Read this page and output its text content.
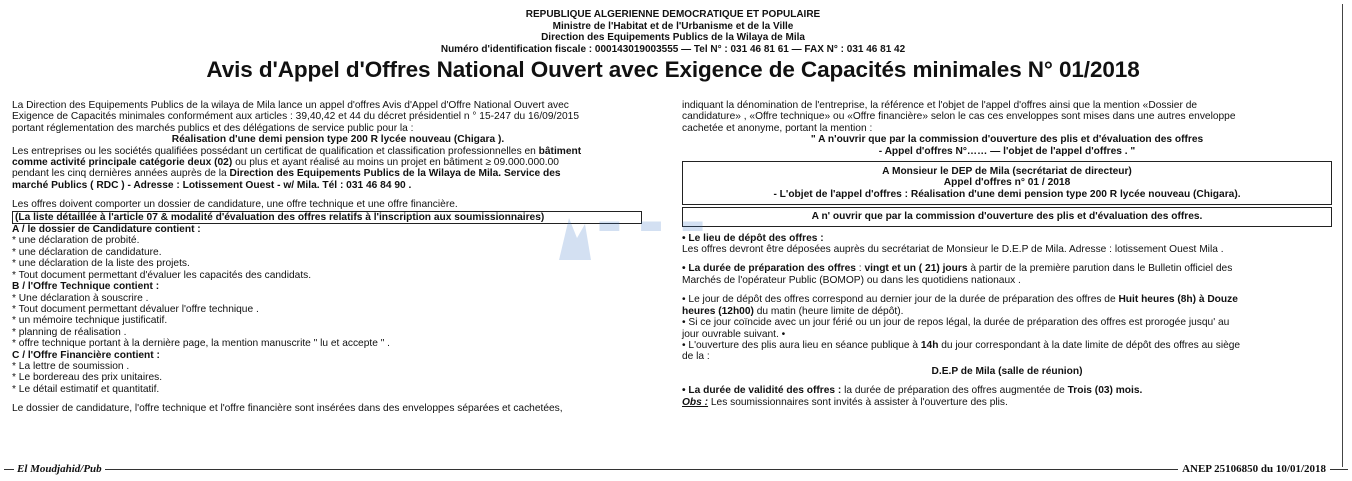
REPUBLIQUE ALGERIENNE DEMOCRATIQUE ET POPULAIRE
Ministre de l'Habitat et de l'Urbanisme et de la Ville
Direction des Equipements Publics de la Wilaya de Mila
Numéro d'identification fiscale : 000143019003555 — Tel N° : 031 46 81 61 — FAX N° : 031 46 81 42
Avis d'Appel d'Offres National Ouvert avec Exigence de Capacités minimales N° 01/2018

La Direction des Equipements Publics de la wilaya de Mila lance un appel d'offres Avis d'Appel d'Offre National Ouvert avec

Exigence de Capacités minimales conformément aux articles : 39,40,42 et 44 du décret présidentiel n ° 15-247 du 16/09/2015

portant réglementation des marchés publics et des délégations de service public pour la :

Réalisation d'une demi pension type 200 R lycée nouveau (Chigara ).

Les entreprises ou les sociétés qualifiées possédant un certificat de qualification et classification professionnelles en bâtiment

comme activité principale catégorie deux (02) ou plus et ayant réalisé au moins un projet en bâtiment ≥ 09.000.000.00

pendant les cinq dernières années auprès de la Direction des Equipements Publics de la Wilaya de Mila. Service des

marché Publics ( RDC ) - Adresse : Lotissement Ouest - w/ Mila. Tél : 031 46 84 90 .

Les offres doivent comporter un dossier de candidature, une offre technique et une offre financière.

(La liste détaillée à l'article 07 & modalité d'évaluation des offres relatifs à l'inscription aux soumissionnaires)

A / le dossier de Candidature contient :

* une déclaration de probité.

* une déclaration de candidature.

* une déclaration de la liste des projets.

* Tout document permettant d'évaluer les capacités des candidats.

B / l'Offre Technique contient :

* Une déclaration à souscrire .

* Tout document permettant dévaluer l'offre technique .

* un mémoire technique justificatif.

* planning de réalisation .

* offre technique portant à la dernière page, la mention manuscrite " lu et accepte " .

C / l'Offre Financière contient :

* La lettre de soumission .

* Le bordereau des prix unitaires.

* Le détail estimatif et quantitatif.

Le dossier de candidature, l'offre technique et l'offre financière sont insérées dans des enveloppes séparées et cachetées,

indiquant la dénomination de l'entreprise, la référence et l'objet de l'appel d'offres ainsi que la mention «Dossier de

candidature» , «Offre technique» ou «Offre financière» selon le cas ces enveloppes sont mises dans une autres enveloppe

cachetée et anonyme, portant la mention :

" A n'ouvrir que par la commission d'ouverture des plis et d'évaluation des offres

- Appel d'offres N°…… — l'objet de l'appel d'offres . "

A Monsieur le DEP de Mila (secrétariat de directeur)
Appel d'offres n° 01 / 2018
- L'objet de l'appel d'offres : Réalisation d'une demi pension type 200 R lycée nouveau (Chigara).
A n' ouvrir que par la commission d'ouverture des plis et d'évaluation des offres.

• Le lieu de dépôt des offres :

Les offres devront être déposées auprès du secrétariat de Monsieur le D.E.P de Mila. Adresse : lotissement Ouest Mila .

• La durée de préparation des offres : vingt et un ( 21) jours à partir de la première parution dans le Bulletin officiel des

Marchés de l'opérateur Public (BOMOP) ou dans les quotidiens nationaux .

• Le jour de dépôt des offres correspond au dernier jour de la durée de préparation des offres de Huit heures (8h) à Douze

heures (12h00) du matin (heure limite de dépôt).

• Si ce jour coïncide avec un jour férié ou un jour de repos légal, la durée de préparation des offres est prorogée jusqu' au

jour ouvrable suivant. •

• L'ouverture des plis aura lieu en séance publique à 14h du jour correspondant à la date limite de dépôt des offres au siège

de la :

D.E.P de Mila (salle de réunion)

• La durée de validité des offres : la durée de préparation des offres augmentée de Trois (03) mois.

Obs : Les soumissionnaires sont invités à assister à l'ouverture des plis.

▬ ▬ ▬
El Moudjahid/Pub	ANEP 25106850 du 10/01/2018
